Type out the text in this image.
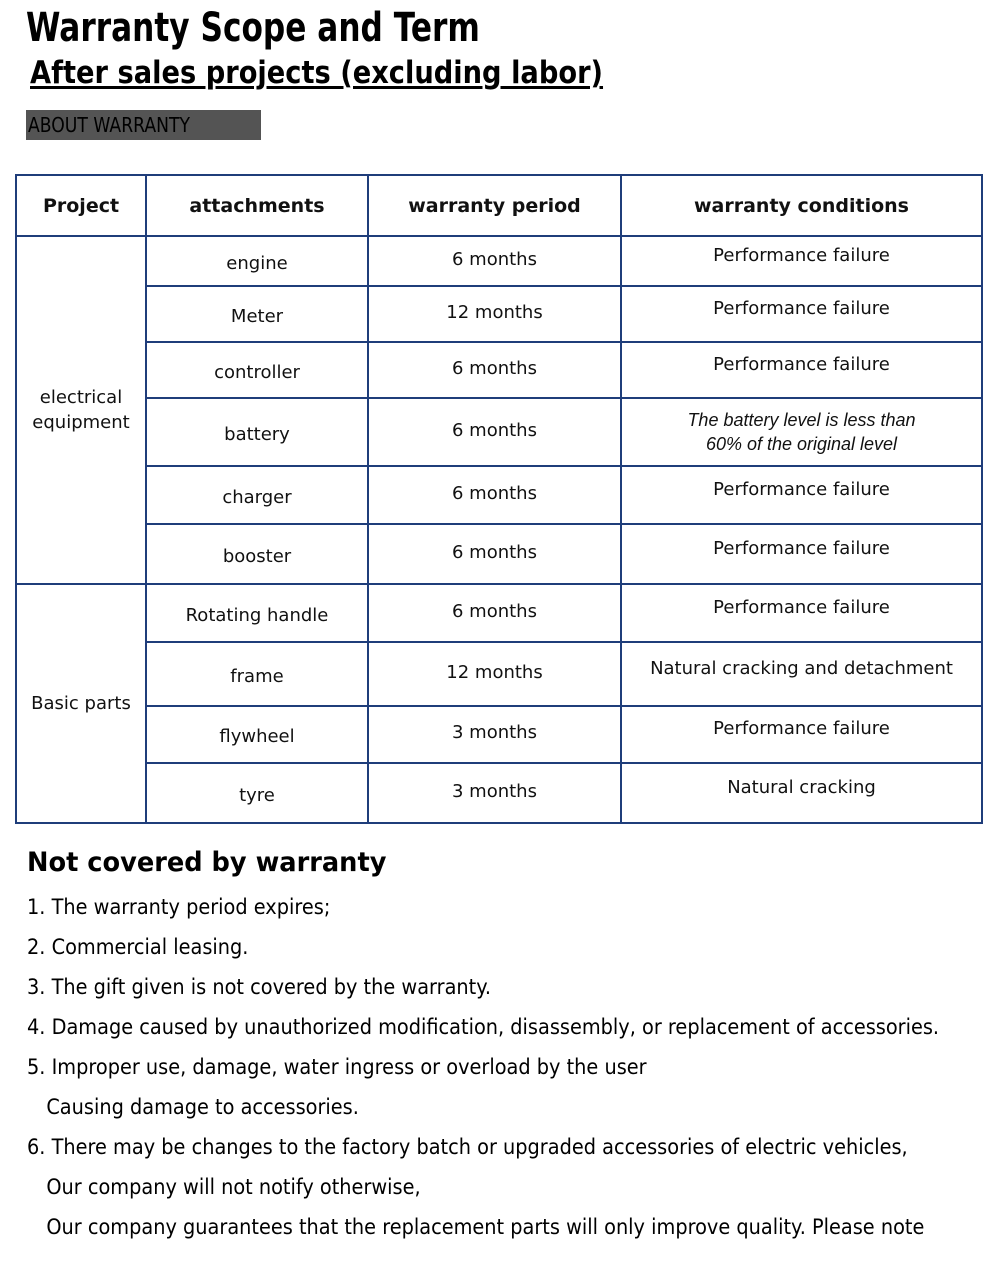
Warranty Scope and Term
After sales projects (excluding labor)
ABOUT WARRANTY
Project	attachments	warranty period	warranty conditions
electrical equipment	engine	6 months	Performance failure
	Meter	12 months	Performance failure
	controller	6 months	Performance failure
	battery	6 months	The battery level is less than
60% of the original level

	charger	6 months	Performance failure
	booster	6 months	Performance failure
Basic parts	Rotating handle	6 months	Performance failure
	frame	12 months	Natural cracking and detachment
	flywheel	3 months	Performance failure
	tyre	3 months	Natural cracking
Not covered by warranty
1. The warranty period expires;
2. Commercial leasing.
3. The gift given is not covered by the warranty.
4. Damage caused by unauthorized modification, disassembly, or replacement of accessories.
5. Improper use, damage, water ingress or overload by the user
Causing damage to accessories.
6. There may be changes to the factory batch or upgraded accessories of electric vehicles,
Our company will not notify otherwise,
Our company guarantees that the replacement parts will only improve quality. Please note
